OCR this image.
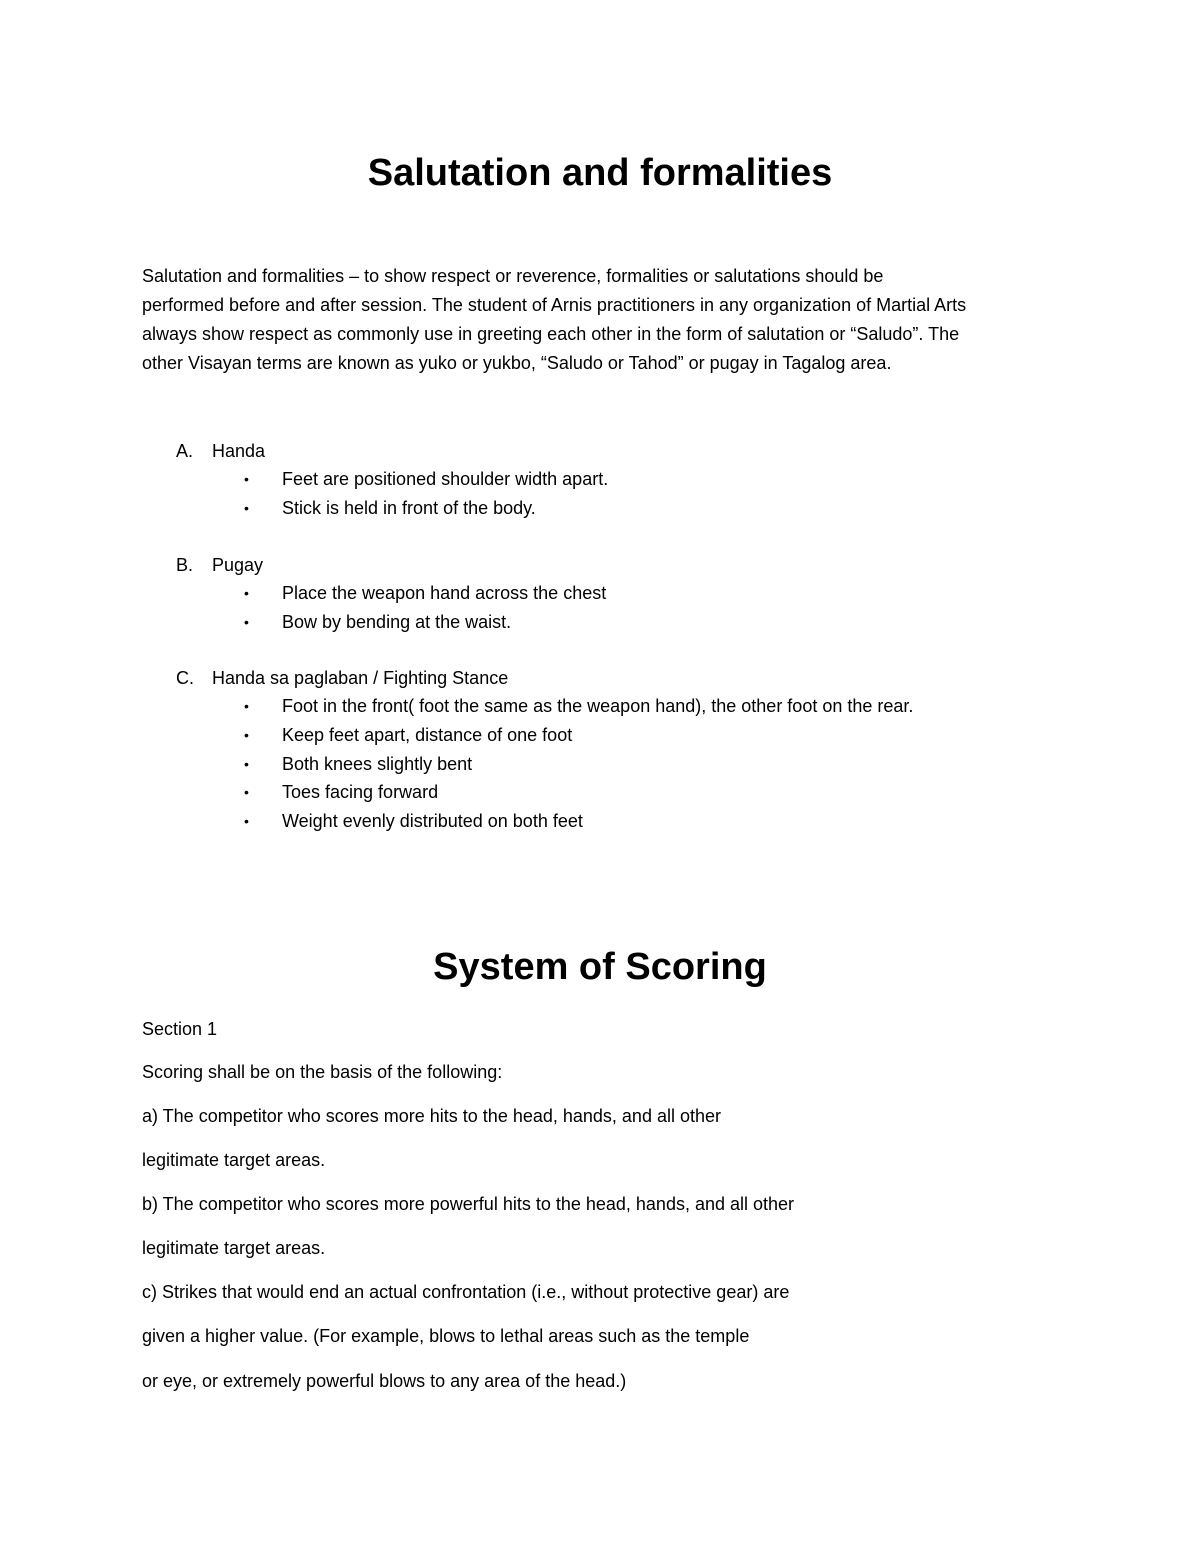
Salutation and formalities

Salutation and formalities – to show respect or reverence, formalities or salutations should be
performed before and after session. The student of Arnis practitioners in any organization of Martial Arts
always show respect as commonly use in greeting each other in the form of salutation or “Saludo”. The
other Visayan terms are known as yuko or yukbo, “Saludo or Tahod” or pugay in Tagalog area.

A. Handa
• Feet are positioned shoulder width apart.
• Stick is held in front of the body.
B. Pugay
• Place the weapon hand across the chest
• Bow by bending at the waist.
C. Handa sa paglaban / Fighting Stance
• Foot in the front( foot the same as the weapon hand), the other foot on the rear.
• Keep feet apart, distance of one foot
• Both knees slightly bent
• Toes facing forward
• Weight evenly distributed on both feet
System of Scoring

Section 1

Scoring shall be on the basis of the following:

a) The competitor who scores more hits to the head, hands, and all other

legitimate target areas.

b) The competitor who scores more powerful hits to the head, hands, and all other

legitimate target areas.

c) Strikes that would end an actual confrontation (i.e., without protective gear) are

given a higher value. (For example, blows to lethal areas such as the temple

or eye, or extremely powerful blows to any area of the head.)
